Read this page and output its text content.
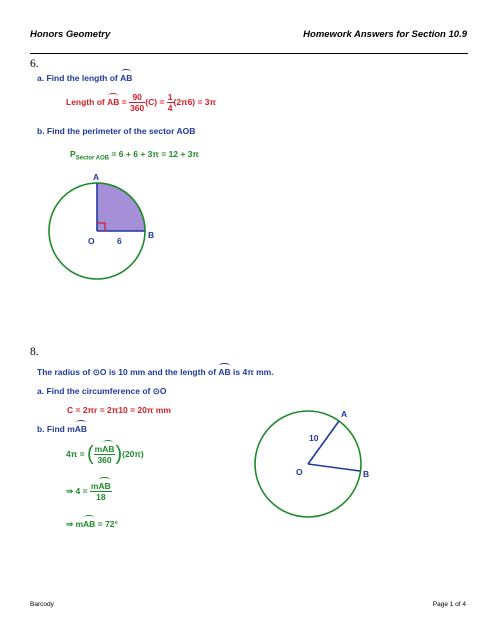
Honors Geometry	Homework Answers for Section 10.9
6.
a. Find the length of AB
Length of AB = $\frac{90}{360} (C) = \frac{1}{4} (2\pi 6) = 3\pi$
b. Find the perimeter of the sector AOB
$P_{Sector AOB} = 6 + 6 + 3\pi = 12 + 3\pi$
A
O	6
B
8.
The radius of ⊙O is 10 mm and the length of AB is 4π mm.
a. Find the circumference of ⊙O
C = 2πr = 2π10 = 20π mm
b. Find mAB
4π = ( $\frac{\text{mAB}}{360} )(20\pi)$
⇒ $4 = \frac{\text{mAB}}{18}$
⇒ mAB = 72°
A
10
O	B
Barcody	Page 1 of 4
